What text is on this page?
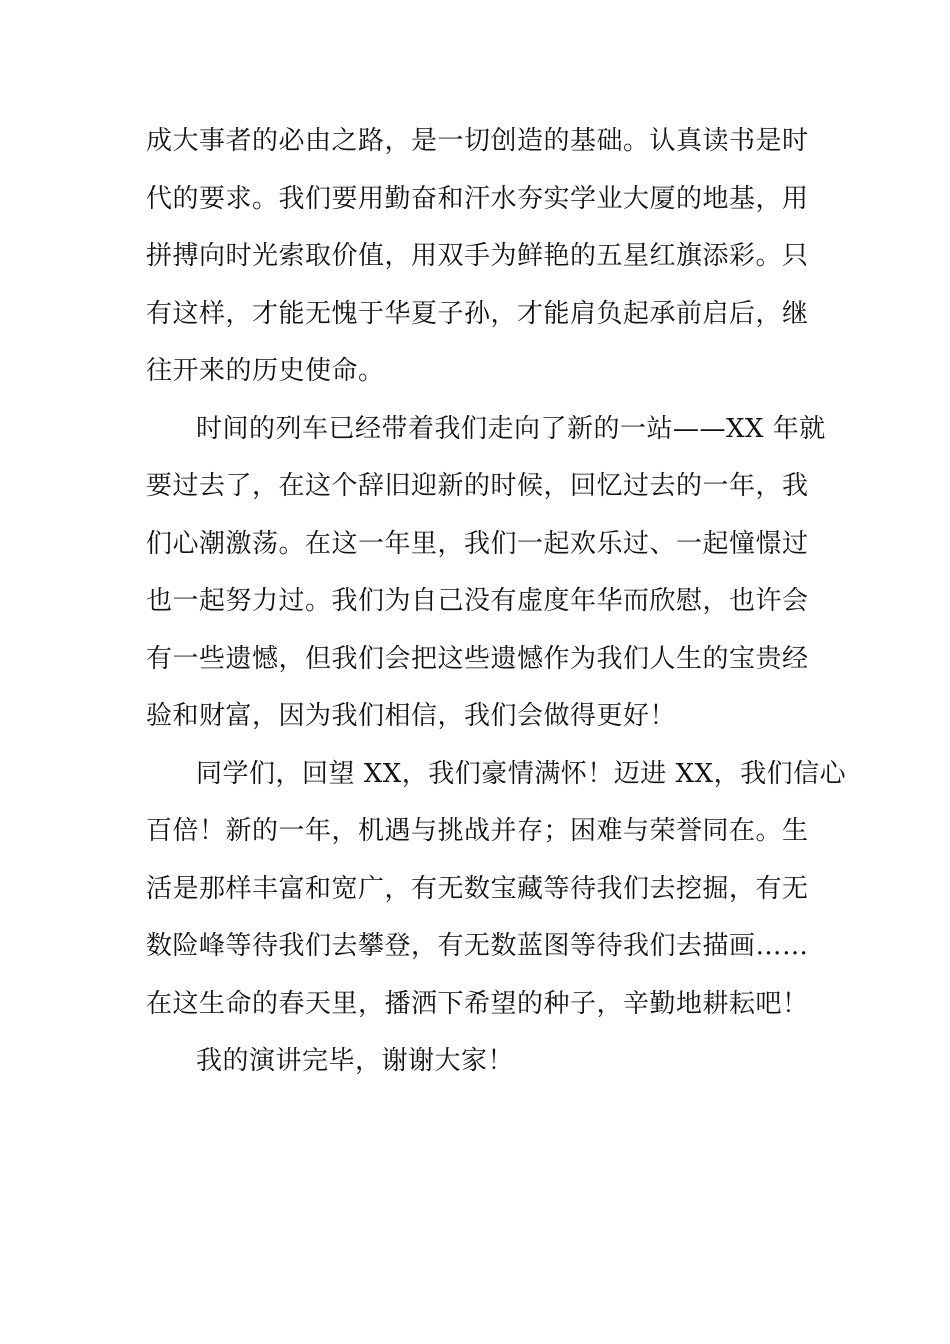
成大事者的必由之路，是一切创造的基础。认真读书是时
代的要求。我们要用勤奋和汗水夯实学业大厦的地基，用
拼搏向时光索取价值，用双手为鲜艳的五星红旗添彩。只
有这样，才能无愧于华夏子孙，才能肩负起承前启后，继
往开来的历史使命。
时间的列车已经带着我们走向了新的一站——XX 年就
要过去了，在这个辞旧迎新的时候，回忆过去的一年，我
们心潮激荡。在这一年里，我们一起欢乐过、一起憧憬过
也一起努力过。我们为自己没有虚度年华而欣慰，也许会
有一些遗憾，但我们会把这些遗憾作为我们人生的宝贵经
验和财富，因为我们相信，我们会做得更好！
同学们，回望 XX，我们豪情满怀！迈进 XX，我们信心
百倍！新的一年，机遇与挑战并存；困难与荣誉同在。生
活是那样丰富和宽广，有无数宝藏等待我们去挖掘，有无
数险峰等待我们去攀登，有无数蓝图等待我们去描画……
在这生命的春天里，播洒下希望的种子，辛勤地耕耘吧！
我的演讲完毕，谢谢大家！
